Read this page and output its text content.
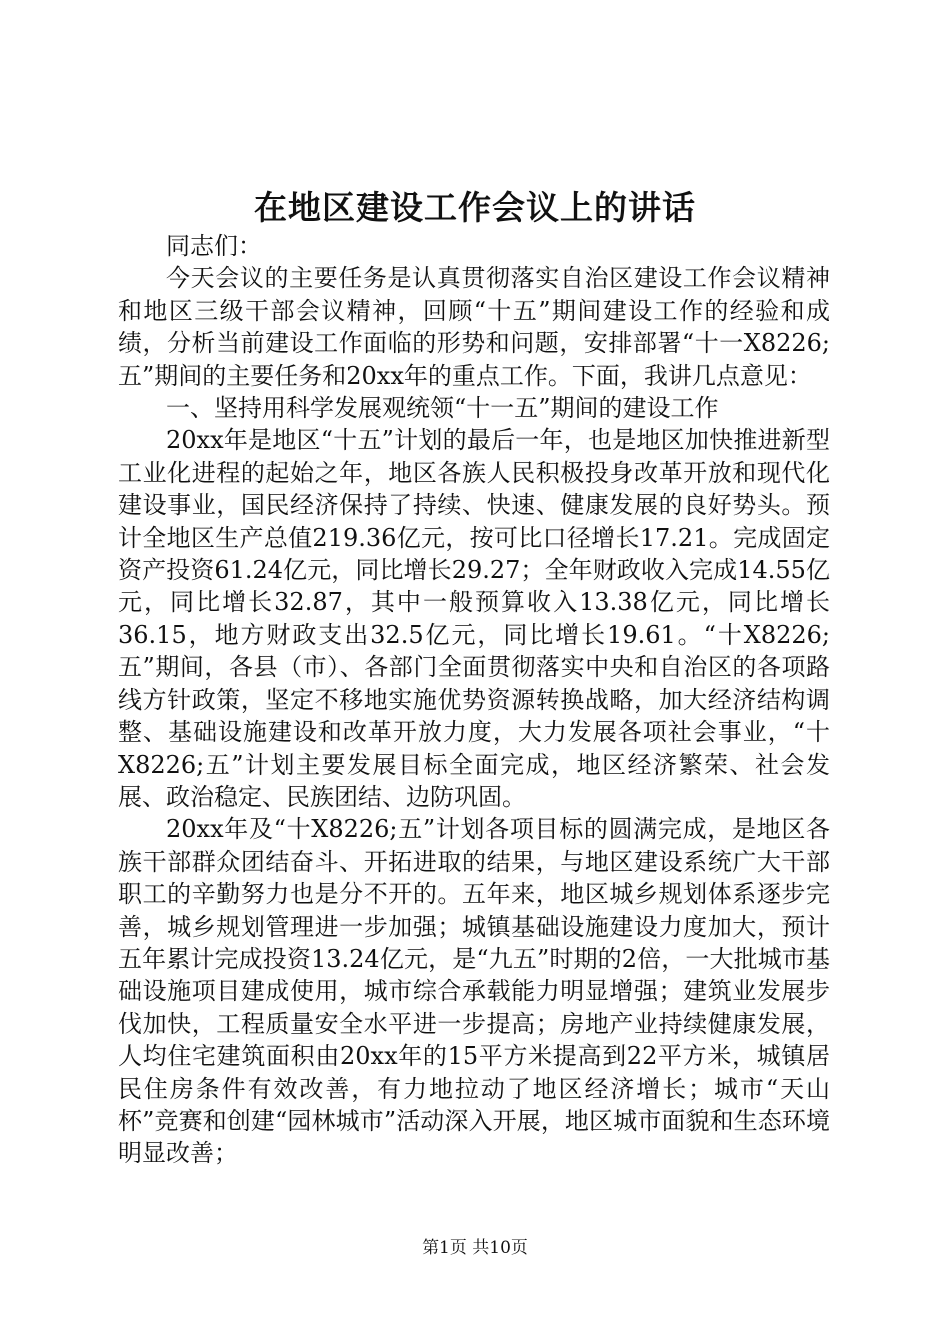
在地区建设工作会议上的讲话

同志们：

今天会议的主要任务是认真贯彻落实自治区建设工作会议精神和地区三级干部会议精神，回顾“十五”期间建设工作的经验和成绩，分析当前建设工作面临的形势和问题，安排部署“十一X8226;五”期间的主要任务和20xx年的重点工作。下面，我讲几点意见：

一、坚持用科学发展观统领“十一五”期间的建设工作

20xx年是地区“十五”计划的最后一年，也是地区加快推进新型工业化进程的起始之年，地区各族人民积极投身改革开放和现代化建设事业，国民经济保持了持续、快速、健康发展的良好势头。预计全地区生产总值219.36亿元，按可比口径增长17.21。完成固定资产投资61.24亿元，同比增长29.27；全年财政收入完成14.55亿元，同比增长32.87，其中一般预算收入13.38亿元，同比增长36.15，地方财政支出32.5亿元，同比增长19.61。“十X8226;五”期间，各县（市）、各部门全面贯彻落实中央和自治区的各项路线方针政策，坚定不移地实施优势资源转换战略，加大经济结构调整、基础设施建设和改革开放力度，大力发展各项社会事业，“十X8226;五”计划主要发展目标全面完成，地区经济繁荣、社会发展、政治稳定、民族团结、边防巩固。

20xx年及“十X8226;五”计划各项目标的圆满完成，是地区各族干部群众团结奋斗、开拓进取的结果，与地区建设系统广大干部职工的辛勤努力也是分不开的。五年来，地区城乡规划体系逐步完善，城乡规划管理进一步加强；城镇基础设施建设力度加大，预计五年累计完成投资13.24亿元，是“九五”时期的2倍，一大批城市基础设施项目建成使用，城市综合承载能力明显增强；建筑业发展步伐加快，工程质量安全水平进一步提高；房地产业持续健康发展，人均住宅建筑面积由20xx年的15平方米提高到22平方米，城镇居民住房条件有效改善，有力地拉动了地区经济增长；城市“天山杯”竞赛和创建“园林城市”活动深入开展，地区城市面貌和生态环境明显改善；

第1页 共10页
